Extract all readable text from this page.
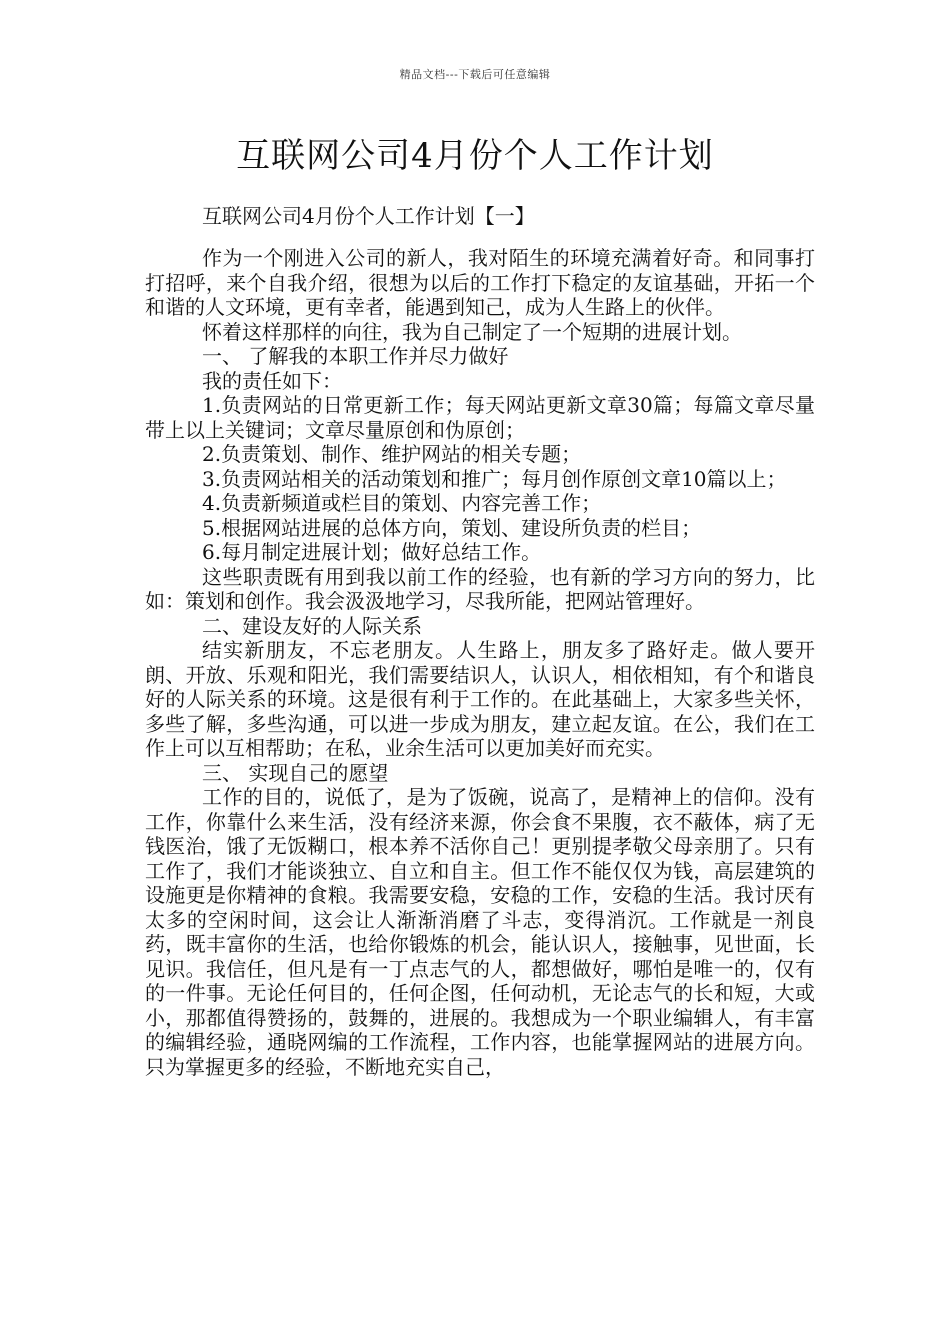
精品文档---下载后可任意编辑
互联网公司4月份个人工作计划
互联网公司4月份个人工作计划【一】

作为一个刚进入公司的新人，我对陌生的环境充满着好奇。和同事打打招呼，来个自我介绍，很想为以后的工作打下稳定的友谊基础，开拓一个和谐的人文环境，更有幸者，能遇到知己，成为人生路上的伙伴。

怀着这样那样的向往，我为自己制定了一个短期的进展计划。

一、 了解我的本职工作并尽力做好

我的责任如下：

1.负责网站的日常更新工作；每天网站更新文章30篇；每篇文章尽量带上以上关键词；文章尽量原创和伪原创；

2.负责策划、制作、维护网站的相关专题；

3.负责网站相关的活动策划和推广；每月创作原创文章10篇以上；

4.负责新频道或栏目的策划、内容完善工作；

5.根据网站进展的总体方向，策划、建设所负责的栏目；

6.每月制定进展计划；做好总结工作。

这些职责既有用到我以前工作的经验，也有新的学习方向的努力，比如：策划和创作。我会汲汲地学习，尽我所能，把网站管理好。

二、建设友好的人际关系

结实新朋友，不忘老朋友。人生路上，朋友多了路好走。做人要开朗、开放、乐观和阳光，我们需要结识人，认识人，相依相知，有个和谐良好的人际关系的环境。这是很有利于工作的。在此基础上，大家多些关怀，多些了解，多些沟通，可以进一步成为朋友，建立起友谊。在公，我们在工作上可以互相帮助；在私，业余生活可以更加美好而充实。

三、 实现自己的愿望

工作的目的，说低了，是为了饭碗，说高了，是精神上的信仰。没有工作，你靠什么来生活，没有经济来源，你会食不果腹，衣不蔽体，病了无钱医治，饿了无饭糊口，根本养不活你自己！更别提孝敬父母亲朋了。只有工作了，我们才能谈独立、自立和自主。但工作不能仅仅为钱，高层建筑的设施更是你精神的食粮。我需要安稳，安稳的工作，安稳的生活。我讨厌有太多的空闲时间，这会让人渐渐消磨了斗志，变得消沉。工作就是一剂良药，既丰富你的生活，也给你锻炼的机会，能认识人，接触事，见世面，长见识。我信任，但凡是有一丁点志气的人，都想做好，哪怕是唯一的，仅有的一件事。无论任何目的，任何企图，任何动机，无论志气的长和短，大或小，那都值得赞扬的，鼓舞的，进展的。我想成为一个职业编辑人，有丰富的编辑经验，通晓网编的工作流程，工作内容，也能掌握网站的进展方向。只为掌握更多的经验，不断地充实自己，
